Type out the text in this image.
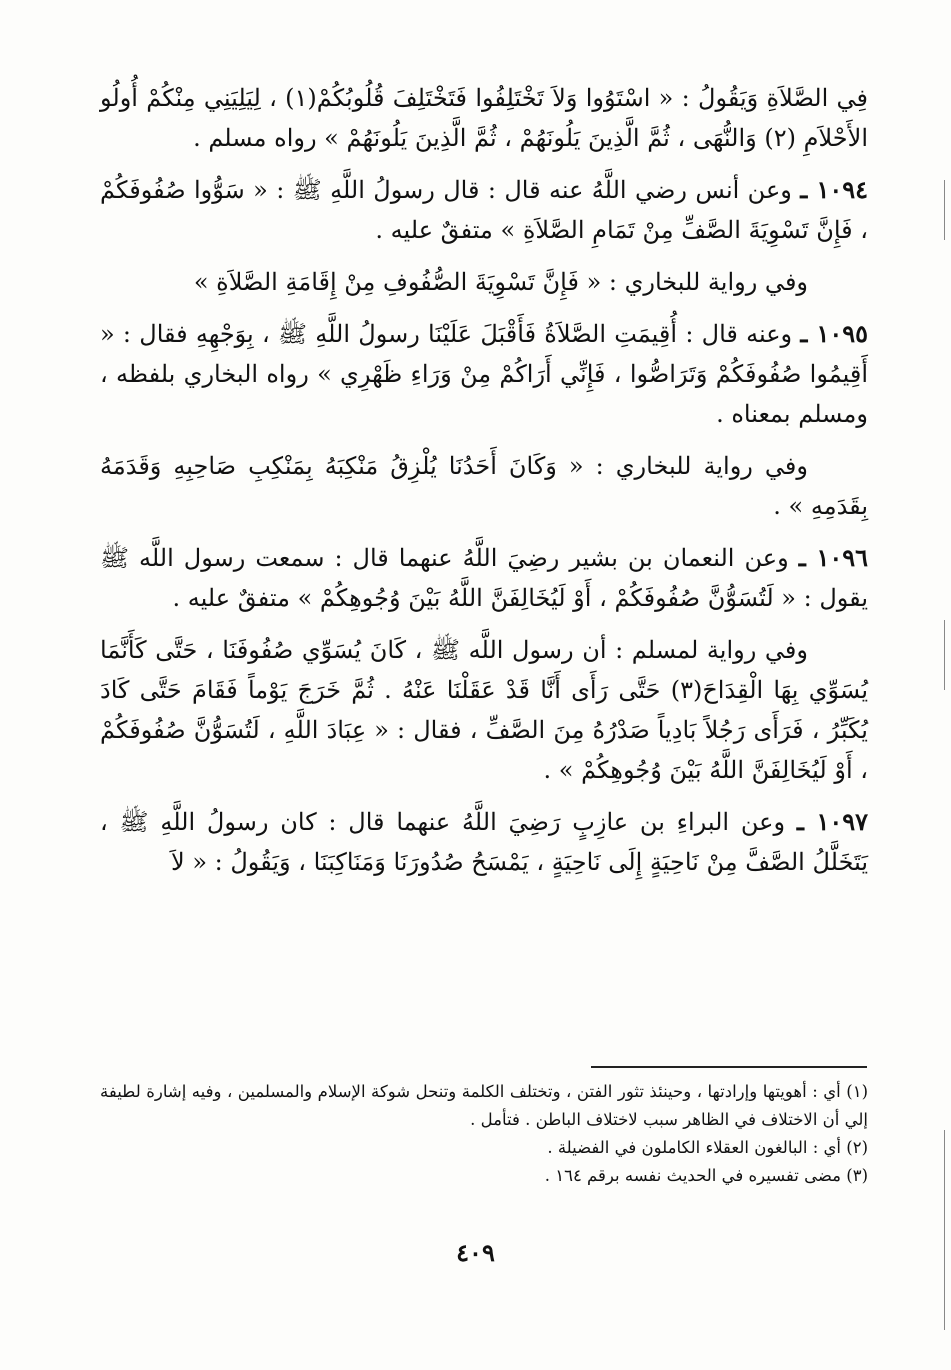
فِي الصَّلاَةِ وَيَقُولُ : « اسْتَوُوا وَلاَ تَخْتَلِفُوا فَتَخْتَلِفَ قُلُوبُكُمْ(١) ، لِيَلِيَنِي مِنْكُمْ أُولُو الأَحْلاَمِ (٢) وَالنُّهَى ، ثُمَّ الَّذِينَ يَلُونَهُمْ ، ثُمَّ الَّذِينَ يَلُونَهُمْ » رواه مسلم .

١٠٩٤ ـ وعن أنس رضي اللَّهُ عنه قال : قال رسولُ اللَّهِ ﷺ : « سَوُّوا صُفُوفَكُمْ ، فَإِنَّ تَسْوِيَةَ الصَّفِّ مِنْ تَمَامِ الصَّلاَةِ » متفقٌ عليه .

وفي رواية للبخاري : « فَإِنَّ تَسْوِيَةَ الصُّفُوفِ مِنْ إِقَامَةِ الصَّلاَةِ »

١٠٩٥ ـ وعنه قال : أُقِيمَتِ الصَّلاَةُ فَأَقْبَلَ عَلَيْنَا رسولُ اللَّهِ ﷺ ، بِوَجْهِهِ فقال : « أَقِيمُوا صُفُوفَكُمْ وَتَرَاصُّوا ، فَإِنِّي أَرَاكُمْ مِنْ وَرَاءِ ظَهْرِي » رواه البخاري بلفظه ، ومسلم بمعناه .

وفي رواية للبخاري : « وَكَانَ أَحَدُنَا يُلْزِقُ مَنْكِبَهُ بِمَنْكِبِ صَاحِبِهِ وَقَدَمَهُ بِقَدَمِهِ » .

١٠٩٦ ـ وعن النعمان بن بشير رضِيَ اللَّهُ عنهما قال : سمعت رسول اللَّه ﷺ يقول : « لَتُسَوُّنَّ صُفُوفَكُمْ ، أَوْ لَيُخَالِفَنَّ اللَّهُ بَيْنَ وُجُوهِكُمْ » متفقٌ عليه .

وفي رواية لمسلم : أن رسول اللَّه ﷺ ، كَانَ يُسَوِّي صُفُوفَنَا ، حَتَّى كَأَنَّمَا يُسَوِّي بِهَا الْقِدَاحَ(٣) حَتَّى رَأَى أَنَّا قَدْ عَقَلْنَا عَنْهُ . ثُمَّ خَرَجَ يَوْماً فَقَامَ حَتَّى كَادَ يُكَبِّرُ ، فَرَأَى رَجُلاً بَادِياً صَدْرُهُ مِنَ الصَّفِّ ، فقال : « عِبَادَ اللَّهِ ، لَتُسَوُّنَّ صُفُوفَكُمْ ، أَوْ لَيُخَالِفَنَّ اللَّهُ بَيْنَ وُجُوهِكُمْ » .

١٠٩٧ ـ وعن البراءِ بن عازِبٍ رَضِيَ اللَّهُ عنهما قال : كان رسولُ اللَّهِ ﷺ ، يَتَخَلَّلُ الصَّفَّ مِنْ نَاحِيَةٍ إِلَى نَاحِيَةٍ ، يَمْسَحُ صُدُورَنَا وَمَنَاكِبَنَا ، وَيَقُولُ : « لاَ

(١) أي : أهويتها وإرادتها ، وحينئذ تثور الفتن ، وتختلف الكلمة وتنحل شوكة الإسلام والمسلمين ، وفيه إشارة لطيفة إلي أن الاختلاف في الظاهر سبب لاختلاف الباطن . فتأمل .

(٢) أي : البالغون العقلاء الكاملون في الفضيلة .

(٣) مضى تفسيره في الحديث نفسه برقم ١٦٤ .

٤٠٩
